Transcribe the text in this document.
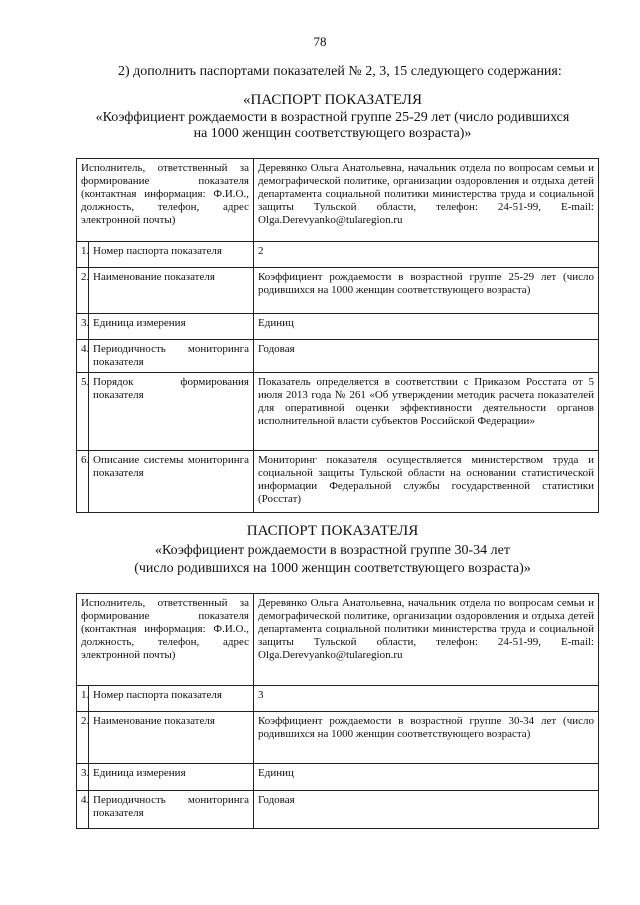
78
2) дополнить паспортами показателей № 2, 3, 15 следующего содержания:
«ПАСПОРТ ПОКАЗАТЕЛЯ
«Коэффициент рождаемости в возрастной группе 25-29 лет (число родившихся
на 1000 женщин соответствующего возраста)»
Исполнитель, ответственный за формирование показателя (контактная информация: Ф.И.О., должность, телефон, адрес электронной почты)		Деревянко Ольга Анатольевна, начальник отдела по вопросам семьи и демографической политике, организации оздоровления и отдыха детей департамента социальной политики министерства труда и социальной защиты Тульской области, телефон: 24-51-99, E-mail: Olga.Derevyanko@tularegion.ru
1.	Номер паспорта показателя	2
2.	Наименование показателя	Коэффициент рождаемости в возрастной группе 25-29 лет (число родившихся на 1000 женщин соответствующего возраста)
3.	Единица измерения	Единиц
4.	Периодичность мониторинга показателя	Годовая
5.	Порядок формирования показателя	Показатель определяется в соответствии с Приказом Росстата от 5 июля 2013 года № 261 «Об утверждении методик расчета показателей для оперативной оценки эффективности деятельности органов исполнительной власти субъектов Российской Федерации»
6.	Описание системы мониторинга показателя	Мониторинг показателя осуществляется министерством труда и социальной защиты Тульской области на основании статистической информации Федеральной службы государственной статистики (Росстат)
ПАСПОРТ ПОКАЗАТЕЛЯ
«Коэффициент рождаемости в возрастной группе 30-34 лет
(число родившихся на 1000 женщин соответствующего возраста)»
Исполнитель, ответственный за формирование показателя (контактная информация: Ф.И.О., должность, телефон, адрес электронной почты)		Деревянко Ольга Анатольевна, начальник отдела по вопросам семьи и демографической политике, организации оздоровления и отдыха детей департамента социальной политики министерства труда и социальной защиты Тульской области, телефон: 24-51-99, E-mail: Olga.Derevyanko@tularegion.ru
1.	Номер паспорта показателя	3
2.	Наименование показателя	Коэффициент рождаемости в возрастной группе 30-34 лет (число родившихся на 1000 женщин соответствующего возраста)
3.	Единица измерения	Единиц
4.	Периодичность мониторинга показателя	Годовая
